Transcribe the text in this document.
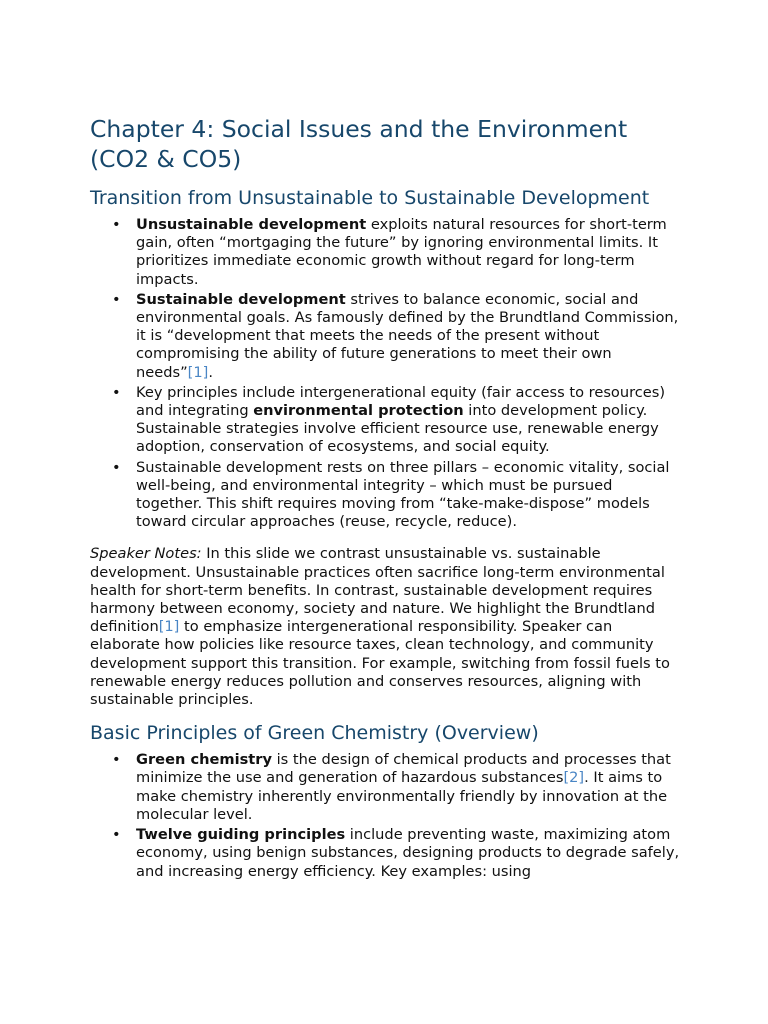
Chapter 4: Social Issues and the Environment (CO2 & CO5)
Transition from Unsustainable to Sustainable Development
• Unsustainable development exploits natural resources for short-term gain, often “mortgaging the future” by ignoring environmental limits. It prioritizes immediate economic growth without regard for long-term impacts.
• Sustainable development strives to balance economic, social and environmental goals. As famously defined by the Brundtland Commission, it is “development that meets the needs of the present without compromising the ability of future generations to meet their own needs”[1].
• Key principles include intergenerational equity (fair access to resources) and integrating environmental protection into development policy. Sustainable strategies involve efficient resource use, renewable energy adoption, conservation of ecosystems, and social equity.
• Sustainable development rests on three pillars – economic vitality, social well-being, and environmental integrity – which must be pursued together. This shift requires moving from “take-make-dispose” models toward circular approaches (reuse, recycle, reduce).

Speaker Notes: In this slide we contrast unsustainable vs. sustainable development. Unsustainable practices often sacrifice long-term environmental health for short-term benefits. In contrast, sustainable development requires harmony between economy, society and nature. We highlight the Brundtland definition[1] to emphasize intergenerational responsibility. Speaker can elaborate how policies like resource taxes, clean technology, and community development support this transition. For example, switching from fossil fuels to renewable energy reduces pollution and conserves resources, aligning with sustainable principles.

Basic Principles of Green Chemistry (Overview)
• Green chemistry is the design of chemical products and processes that minimize the use and generation of hazardous substances[2]. It aims to make chemistry inherently environmentally friendly by innovation at the molecular level.
• Twelve guiding principles include preventing waste, maximizing atom economy, using benign substances, designing products to degrade safely, and increasing energy efficiency. Key examples: using
